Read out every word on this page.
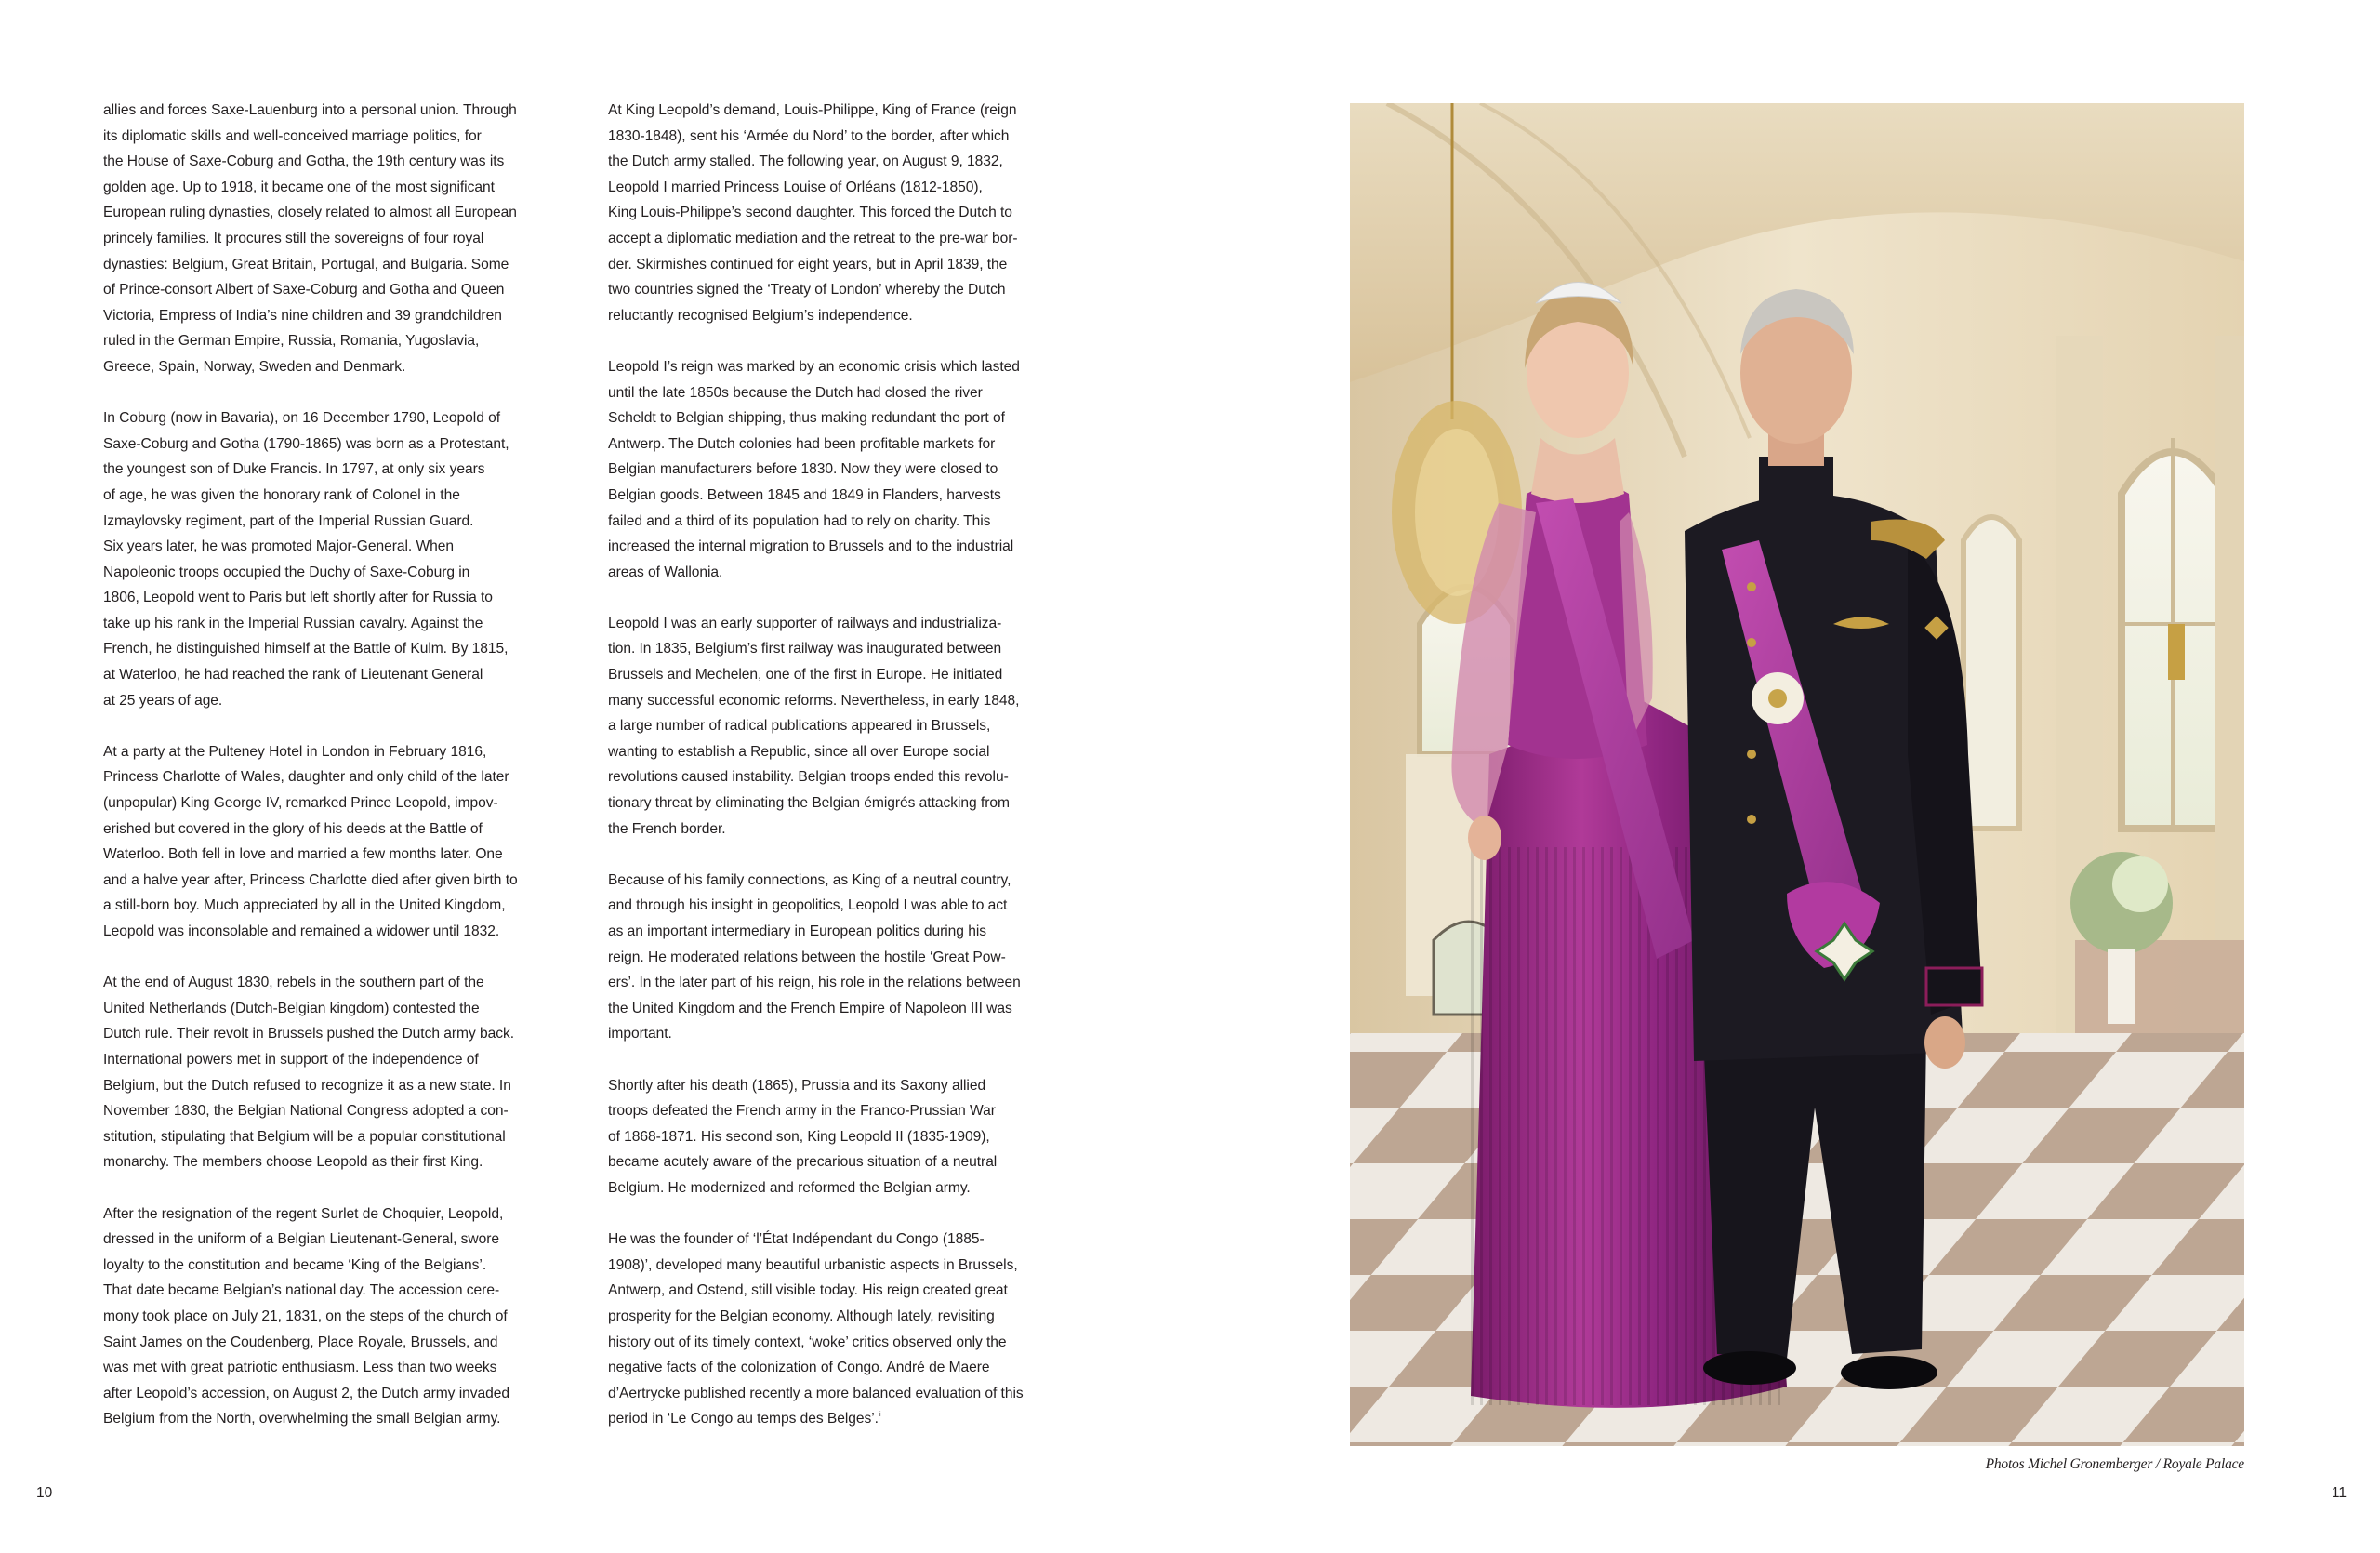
allies and forces Saxe-Lauenburg into a personal union. Through
its diplomatic skills and well-conceived marriage politics, for
the House of Saxe-Coburg and Gotha, the 19th century was its
golden age. Up to 1918, it became one of the most significant
European ruling dynasties, closely related to almost all European
princely families. It procures still the sovereigns of four royal
dynasties: Belgium, Great Britain, Portugal, and Bulgaria. Some
of Prince-consort Albert of Saxe-Coburg and Gotha and Queen
Victoria, Empress of India’s nine children and 39 grandchildren
ruled in the German Empire, Russia, Romania, Yugoslavia,
Greece, Spain, Norway, Sweden and Denmark.

In Coburg (now in Bavaria), on 16 December 1790, Leopold of
Saxe-Coburg and Gotha (1790-1865) was born as a Protestant,
the youngest son of Duke Francis. In 1797, at only six years
of age, he was given the honorary rank of Colonel in the
Izmaylovsky regiment, part of the Imperial Russian Guard.
Six years later, he was promoted Major-General. When
Napoleonic troops occupied the Duchy of Saxe-Coburg in
1806, Leopold went to Paris but left shortly after for Russia to
take up his rank in the Imperial Russian cavalry. Against the
French, he distinguished himself at the Battle of Kulm. By 1815,
at Waterloo, he had reached the rank of Lieutenant General
at 25 years of age.

At a party at the Pulteney Hotel in London in February 1816,
Princess Charlotte of Wales, daughter and only child of the later
(unpopular) King George IV, remarked Prince Leopold, impov-
erished but covered in the glory of his deeds at the Battle of
Waterloo. Both fell in love and married a few months later. One
and a halve year after, Princess Charlotte died after given birth to
a still-born boy. Much appreciated by all in the United Kingdom,
Leopold was inconsolable and remained a widower until 1832.

At the end of August 1830, rebels in the southern part of the
United Netherlands (Dutch-Belgian kingdom) contested the
Dutch rule. Their revolt in Brussels pushed the Dutch army back.
International powers met in support of the independence of
Belgium, but the Dutch refused to recognize it as a new state. In
November 1830, the Belgian National Congress adopted a con-
stitution, stipulating that Belgium will be a popular constitutional
monarchy. The members choose Leopold as their first King.

After the resignation of the regent Surlet de Choquier, Leopold,
dressed in the uniform of a Belgian Lieutenant-General, swore
loyalty to the constitution and became ‘King of the Belgians’.
That date became Belgian’s national day. The accession cere-
mony took place on July 21, 1831, on the steps of the church of
Saint James on the Coudenberg, Place Royale, Brussels, and
was met with great patriotic enthusiasm. Less than two weeks
after Leopold’s accession, on August 2, the Dutch army invaded
Belgium from the North, overwhelming the small Belgian army.

At King Leopold’s demand, Louis-Philippe, King of France (reign
1830-1848), sent his ‘Armée du Nord’ to the border, after which
the Dutch army stalled. The following year, on August 9, 1832,
Leopold I married Princess Louise of Orléans (1812-1850),
King Louis-Philippe’s second daughter. This forced the Dutch to
accept a diplomatic mediation and the retreat to the pre-war bor-
der. Skirmishes continued for eight years, but in April 1839, the
two countries signed the ‘Treaty of London’ whereby the Dutch
reluctantly recognised Belgium’s independence.

Leopold I’s reign was marked by an economic crisis which lasted
until the late 1850s because the Dutch had closed the river
Scheldt to Belgian shipping, thus making redundant the port of
Antwerp. The Dutch colonies had been profitable markets for
Belgian manufacturers before 1830. Now they were closed to
Belgian goods. Between 1845 and 1849 in Flanders, harvests
failed and a third of its population had to rely on charity. This
increased the internal migration to Brussels and to the industrial
areas of Wallonia.

Leopold I was an early supporter of railways and industrializa-
tion. In 1835, Belgium’s first railway was inaugurated between
Brussels and Mechelen, one of the first in Europe. He initiated
many successful economic reforms. Nevertheless, in early 1848,
a large number of radical publications appeared in Brussels,
wanting to establish a Republic, since all over Europe social
revolutions caused instability. Belgian troops ended this revolu-
tionary threat by eliminating the Belgian émigrés attacking from
the French border.

Because of his family connections, as King of a neutral country,
and through his insight in geopolitics, Leopold I was able to act
as an important intermediary in European politics during his
reign. He moderated relations between the hostile ‘Great Pow-
ers’. In the later part of his reign, his role in the relations between
the United Kingdom and the French Empire of Napoleon III was
important.

Shortly after his death (1865), Prussia and its Saxony allied
troops defeated the French army in the Franco-Prussian War
of 1868-1871. His second son, King Leopold II (1835-1909),
became acutely aware of the precarious situation of a neutral
Belgium. He modernized and reformed the Belgian army.

He was the founder of ‘l’État Indépendant du Congo (1885-
1908)’, developed many beautiful urbanistic aspects in Brussels,
Antwerp, and Ostend, still visible today. His reign created great
prosperity for the Belgian economy. Although lately, revisiting
history out of its timely context, ‘woke’ critics observed only the
negative facts of the colonization of Congo. André de Maere
d’Aertrycke published recently a more balanced evaluation of this
period in ‘Le Congo au temps des Belges’.$^i$

Photos Michel Gronemberger / Royale Palace
10	11
